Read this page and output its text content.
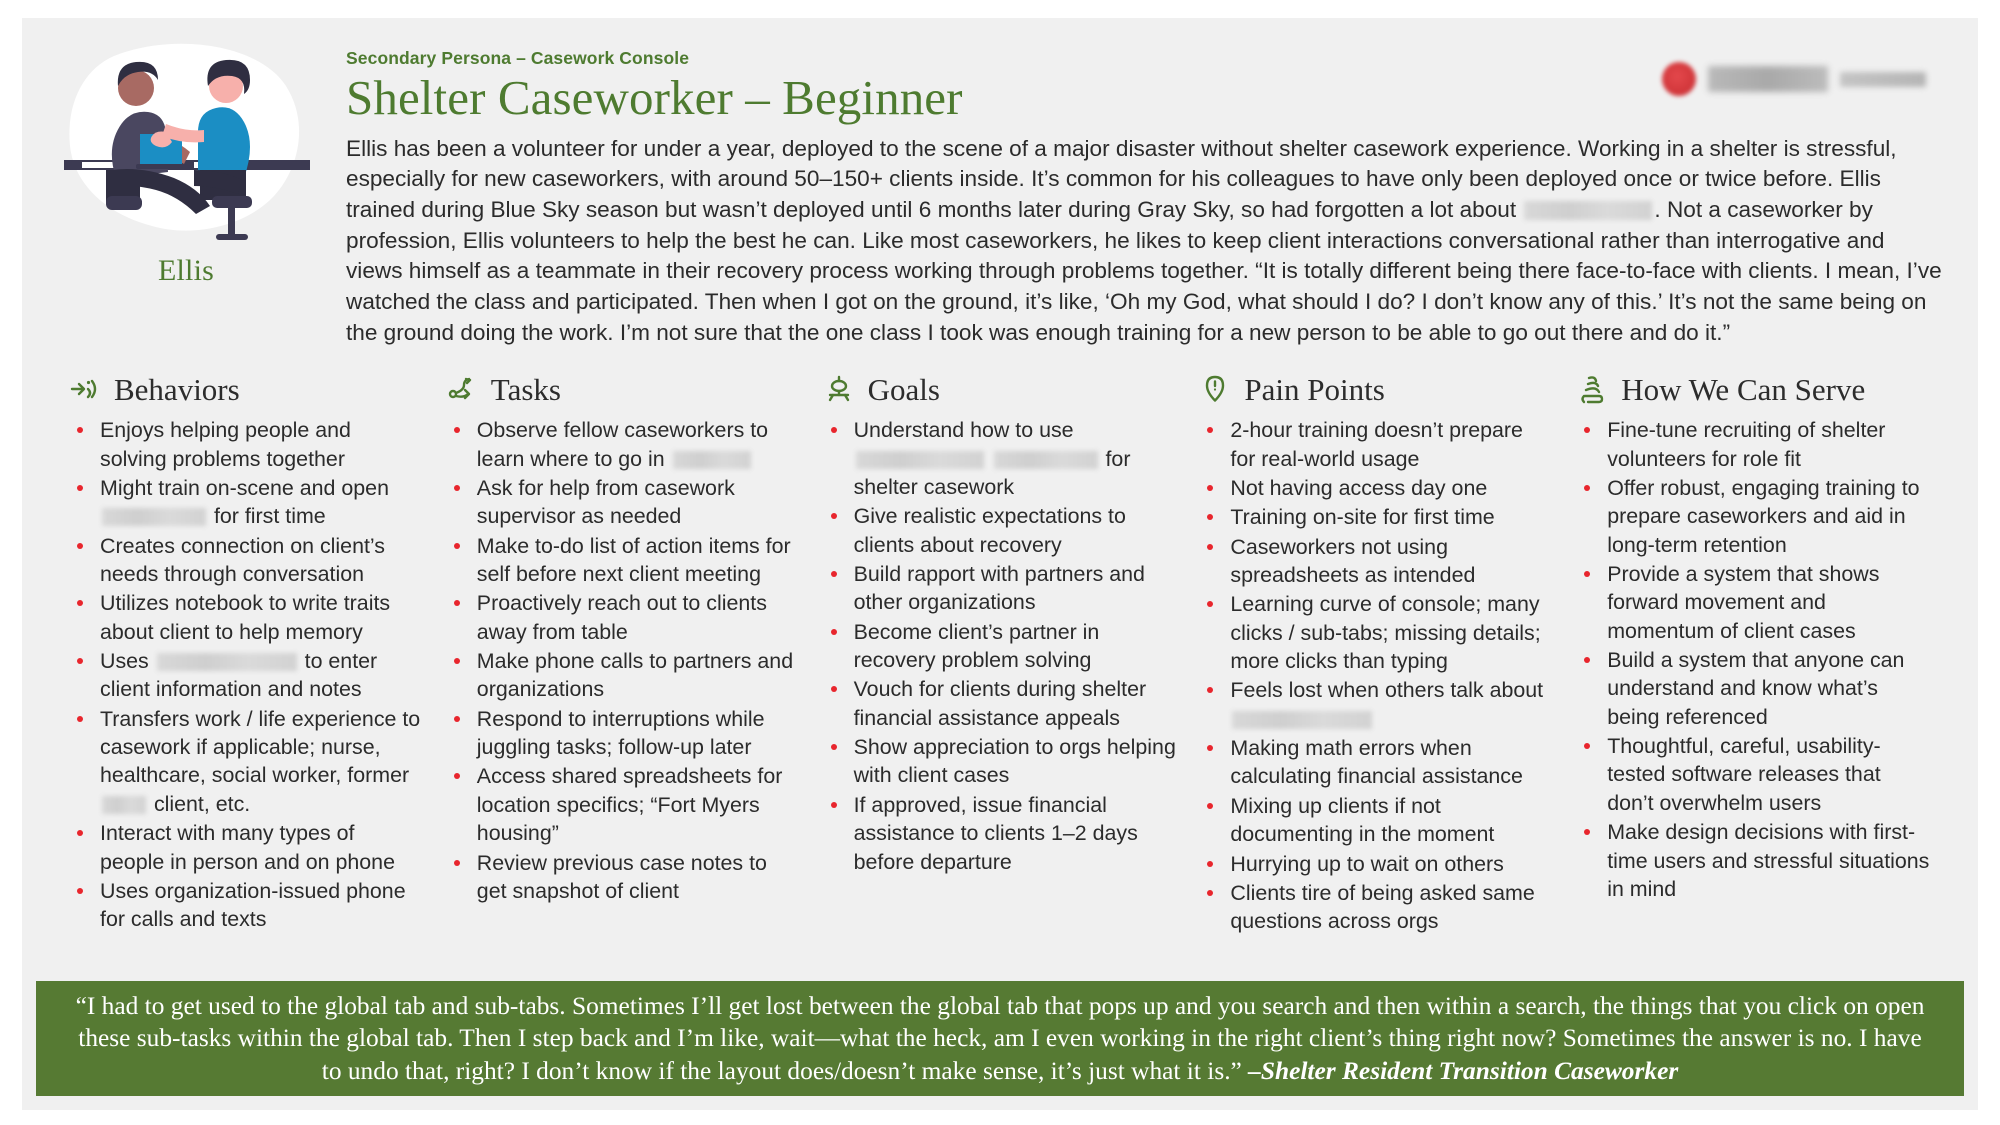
Ellis
Secondary Persona – Casework Console
Shelter Caseworker – Beginner
Ellis has been a volunteer for under a year, deployed to the scene of a major disaster without shelter casework experience. Working in a shelter is stressful, especially for new caseworkers, with around 50–150+ clients inside. It’s common for his colleagues to have only been deployed once or twice before. Ellis trained during Blue Sky season but wasn’t deployed until 6 months later during Gray Sky, so had forgotten a lot about	. Not a caseworker by profession, Ellis volunteers to help the best he can. Like most caseworkers, he likes to keep client interactions conversational rather than interrogative and views himself as a teammate in their recovery process working through problems together. “It is totally different being there face-to-face with clients. I mean, I’ve watched the class and participated. Then when I got on the ground, it’s like, ‘Oh my God, what should I do? I don’t know any of this.’ It’s not the same being on the ground doing the work. I’m not sure that the one class I took was enough training for a new person to be able to go out there and do it.”
Behaviors
Enjoys helping people and solving problems together
Might train on-scene and open  for first time
Creates connection on client’s needs through conversation
Utilizes notebook to write traits about client to help memory
Uses	to enter client information and notes
Transfers work / life experience to casework if applicable; nurse, healthcare, social worker, former  client, etc.
Interact with many types of people in person and on phone
Uses organization-issued phone for calls and texts
Tasks
Observe fellow caseworkers to learn where to go in
Ask for help from casework supervisor as needed
Make to-do list of action items for self before next client meeting
Proactively reach out to clients away from table
Make phone calls to partners and organizations
Respond to interruptions while juggling tasks; follow-up later
Access shared spreadsheets for location specifics; “Fort Myers housing”
Review previous case notes to get snapshot of client
Goals
Understand how to use   for shelter casework
Give realistic expectations to clients about recovery
Build rapport with partners and other organizations
Become client’s partner in recovery problem solving
Vouch for clients during shelter financial assistance appeals
Show appreciation to orgs helping with client cases
If approved, issue financial assistance to clients 1–2 days before departure
Pain Points
2-hour training doesn’t prepare for real-world usage
Not having access day one
Training on-site for first time
Caseworkers not using spreadsheets as intended
Learning curve of console; many clicks / sub-tabs; missing details; more clicks than typing
Feels lost when others talk about
Making math errors when calculating financial assistance
Mixing up clients if not documenting in the moment
Hurrying up to wait on others
Clients tire of being asked same questions across orgs
How We Can Serve
Fine-tune recruiting of shelter volunteers for role fit
Offer robust, engaging training to prepare caseworkers and aid in long-term retention
Provide a system that shows forward movement and momentum of client cases
Build a system that anyone can understand and know what’s being referenced
Thoughtful, careful, usability-tested software releases that don’t overwhelm users
Make design decisions with first-time users and stressful situations in mind
“I had to get used to the global tab and sub-tabs. Sometimes I’ll get lost between the global tab that pops up and you search and then within a search, the things that you click on open these sub-tasks within the global tab. Then I step back and I’m like, wait—what the heck, am I even working in the right client’s thing right now? Sometimes the answer is no. I have to undo that, right? I don’t know if the layout does/doesn’t make sense, it’s just what it is.” –Shelter Resident Transition Caseworker
